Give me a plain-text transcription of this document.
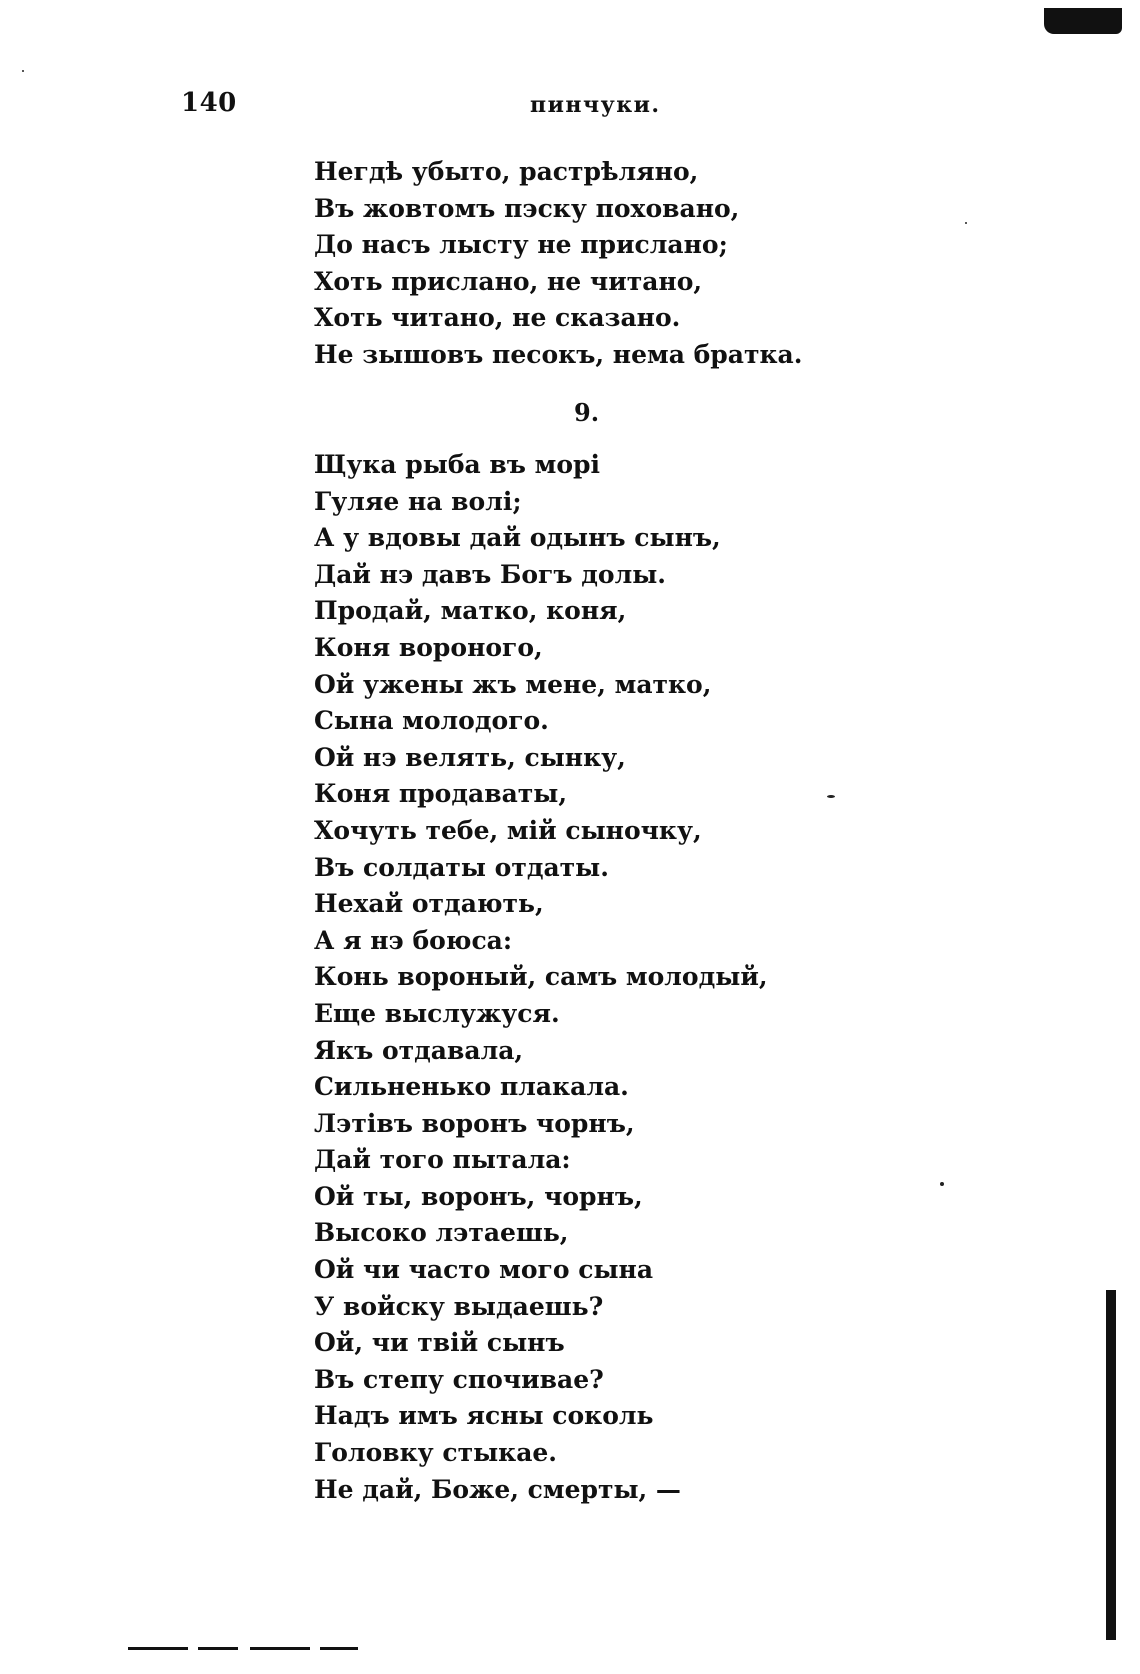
140	пинчуки.
Негдѣ убыто, растрѣляно,
Въ жовтомъ пэску поховано,
До насъ лысту не прислано;
Хоть прислано, не читано,
Хоть читано, не сказано.
Не зышовъ песокъ, нема братка.
9.
Щука рыба въ морі
Гуляе на волі;
А у вдовы дай одынъ сынъ,
Дай нэ давъ Богъ долы.
Продай, матко, коня,
Коня вороного,
Ой ужены жъ мене, матко,
Сына молодого.
Ой нэ велять, сынку,
Коня продаваты,
Хочуть тебе, мій сыночку,
Въ солдаты отдаты.
Нехай отдають,
А я нэ боюса:
Конь вороный, самъ молодый,
Еще выслужуся.
Якъ отдавала,
Сильненько плакала.
Лэтівъ воронъ чорнъ,
Дай того пытала:
Ой ты, воронъ, чорнъ,
Высоко лэтаешь,
Ой чи часто мого сына
У войску выдаешь?
Ой, чи твій сынъ
Въ степу спочивае?
Надъ имъ ясны соколь
Головку стыкае.
Не дай, Боже, смерты, —
